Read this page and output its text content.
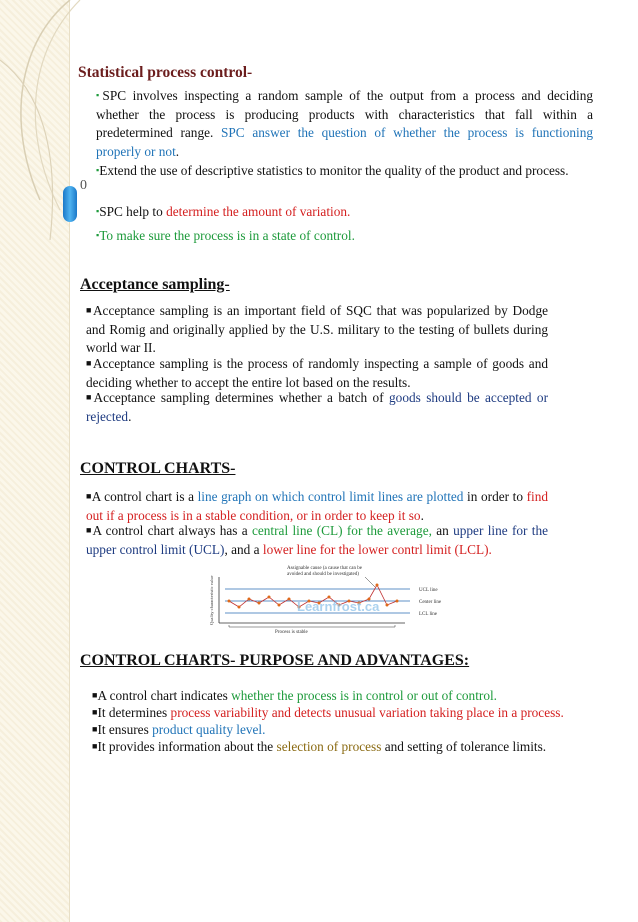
0
Statistical process control-
▪SPC involves inspecting a random sample of the output from a process and deciding whether the process is producing products with characteristics that fall within a predetermined range. SPC answer the question of whether the process is functioning properly or not.
▪Extend the use of descriptive statistics to monitor the quality of the product and process.
▪SPC help to determine the amount of variation.
▪To make sure the process is in a state of control.
Acceptance sampling-
■Acceptance sampling is an important field of SQC that was popularized by Dodge and Romig and originally applied by the U.S. military to the testing of bullets during world war II.
■Acceptance sampling is the process of randomly inspecting a sample of goods and deciding whether to accept the entire lot based on the results.
■Acceptance sampling determines whether a batch of goods should be accepted or rejected.
CONTROL CHARTS-
■A control chart is a line graph on which control limit lines are plotted in order to find out if a process is in a stable condition, or in order to keep it so.
■A control chart always has a central line (CL) for the average, an upper line for the upper control limit (UCL), and a lower line for the lower contrl limit (LCL).
Assignable cause (a cause that can be
avoided and should be investigated)
Learnfrost.ca
UCL line
Center line
LCL line
Quality characteristic value
Process is stable
CONTROL CHARTS- PURPOSE AND ADVANTAGES:
■A control chart indicates whether the process is in control or out of control.
■It determines process variability and detects unusual variation taking place in a process.
■It ensures product quality level.
■It provides information about the selection of process and setting of tolerance limits.
